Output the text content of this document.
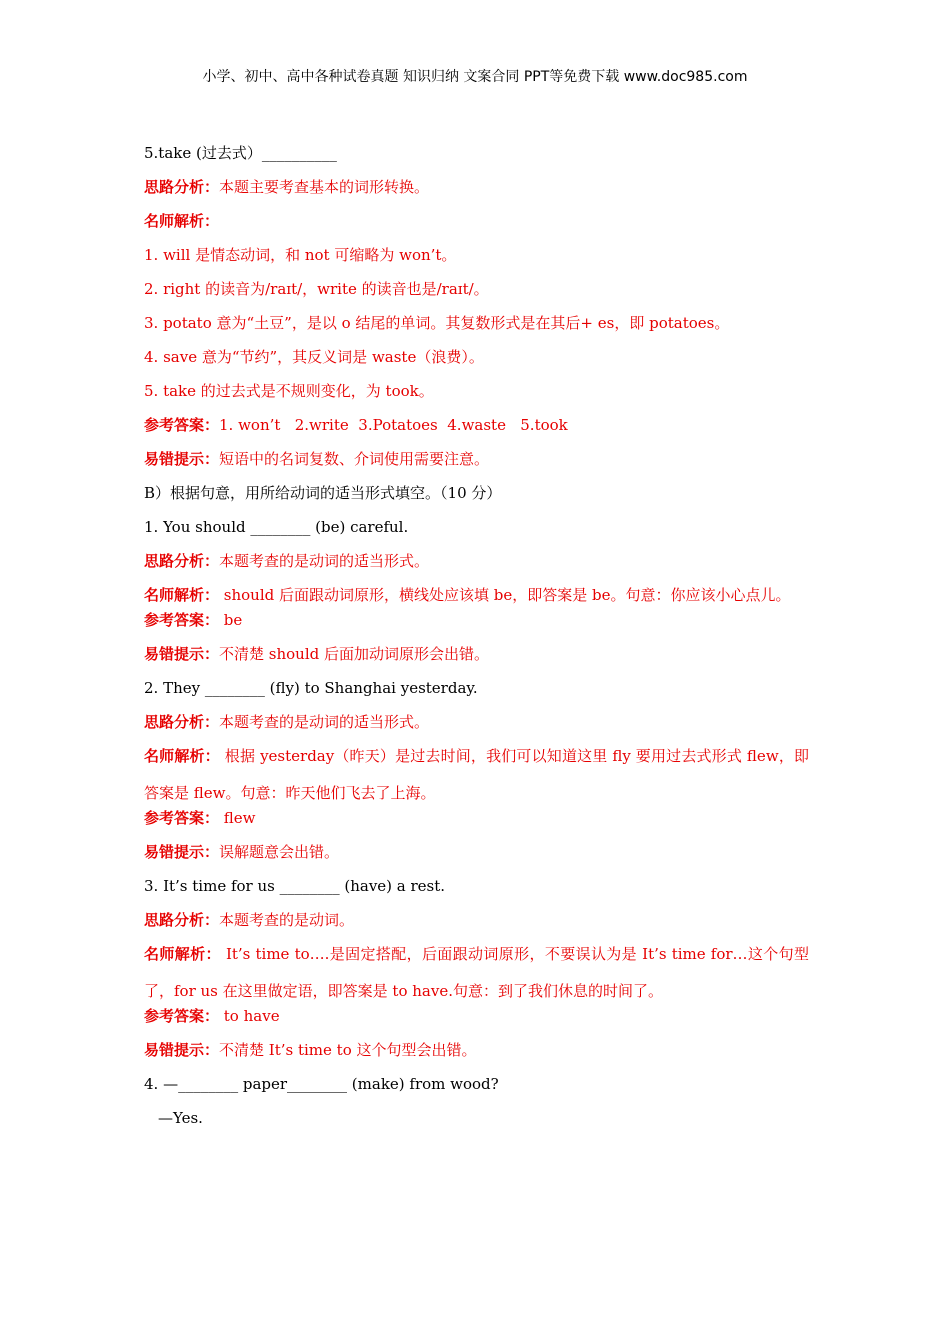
小学、初中、高中各种试卷真题 知识归纳 文案合同 PPT等免费下载 www.doc985.com

5.take (过去式）__________

思路分析：本题主要考查基本的词形转换。

名师解析：

1. will 是情态动词，和 not 可缩略为 won’t。

2. right 的读音为/raɪt/，write 的读音也是/raɪt/。

3. potato 意为“土豆”，是以 o 结尾的单词。其复数形式是在其后+ es，即 potatoes。

4. save 意为“节约”，其反义词是 waste（浪费）。

5. take 的过去式是不规则变化，为 took。

参考答案：1. won’t   2.write  3.Potatoes  4.waste   5.took

易错提示：短语中的名词复数、介词使用需要注意。

B）根据句意，用所给动词的适当形式填空。（10 分）

1. You should ________ (be) careful.

思路分析：本题考查的是动词的适当形式。

名师解析： should 后面跟动词原形，横线处应该填 be，即答案是 be。句意：你应该小心点儿。

参考答案： be

易错提示：不清楚 should 后面加动词原形会出错。

2. They ________ (fly) to Shanghai yesterday.

思路分析：本题考查的是动词的适当形式。

名师解析： 根据 yesterday（昨天）是过去时间，我们可以知道这里 fly 要用过去式形式 flew，即答案是 flew。句意：昨天他们飞去了上海。

参考答案： flew

易错提示：误解题意会出错。

3. It’s time for us ________ (have) a rest.

思路分析：本题考查的是动词。

名师解析： It’s time to….是固定搭配，后面跟动词原形，不要误认为是 It’s time for…这个句型了，for us 在这里做定语，即答案是 to have.句意：到了我们休息的时间了。

参考答案： to have

易错提示：不清楚 It’s time to 这个句型会出错。

4. —________ paper________ (make) from wood?

—Yes.
